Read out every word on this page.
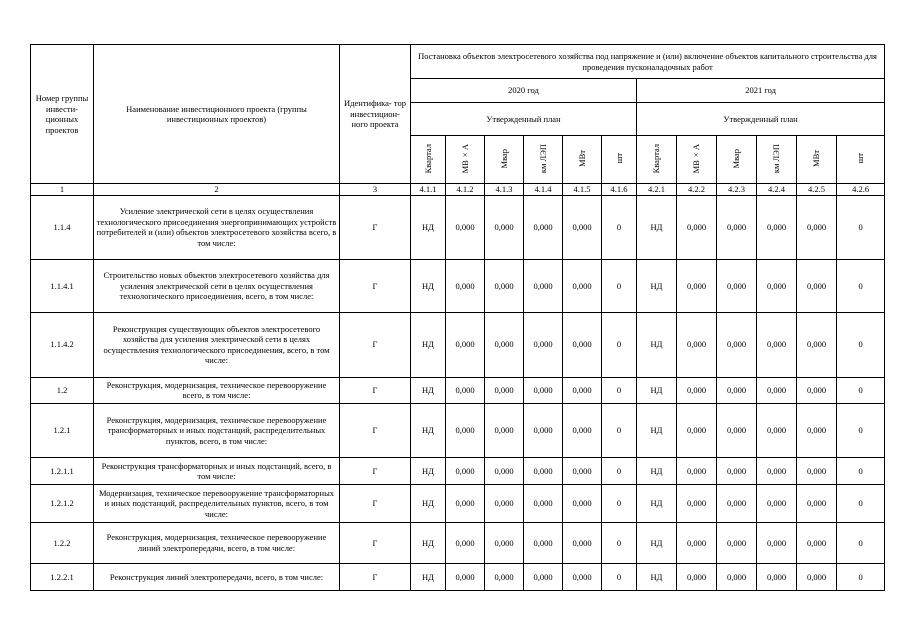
Номер группы инвести- ционных проектов	Наименование инвестиционного проекта (группы инвестиционных проектов)	Идентифика- тор инвестицион- ного проекта	Постановка объектов электросетевого хозяйства под напряжение и (или) включение объектов капитального строительства для проведения пусконаладочных работ											
			2020 год						2021 год					
			Утвержденный план						Утвержденный план					
			Квартал	МВ×А	Мвар	км ЛЭП	МВт	шт	Квартал	МВ×А	Мвар	км ЛЭП	МВт	шт
1	2	3	4.1.1	4.1.2	4.1.3	4.1.4	4.1.5	4.1.6	4.2.1	4.2.2	4.2.3	4.2.4	4.2.5	4.2.6
1.1.4	Усиление электрической сети в целях осуществления технологического присоединения энергопринимающих устройств потребителей и (или) объектов электросетевого хозяйства всего, в том числе:	Г	НД	0,000	0,000	0,000	0,000	0	НД	0,000	0,000	0,000	0,000	0
1.1.4.1	Строительство новых объектов электросетевого хозяйства для усиления электрической сети в целях осуществления технологического присоединения, всего, в том числе:	Г	НД	0,000	0,000	0,000	0,000	0	НД	0,000	0,000	0,000	0,000	0
1.1.4.2	Реконструкция существующих объектов электросетевого хозяйства для усиления электрической сети в целях осуществления технологического присоединения, всего, в том числе:	Г	НД	0,000	0,000	0,000	0,000	0	НД	0,000	0,000	0,000	0,000	0
1.2	Реконструкция, модернизация, техническое перевооружение всего, в том числе:	Г	НД	0,000	0,000	0,000	0,000	0	НД	0,000	0,000	0,000	0,000	0
1.2.1	Реконструкция, модернизация, техническое перевооружение трансформаторных и иных подстанций, распределительных пунктов, всего, в том числе:	Г	НД	0,000	0,000	0,000	0,000	0	НД	0,000	0,000	0,000	0,000	0
1.2.1.1	Реконструкция трансформаторных и иных подстанций, всего, в том числе:	Г	НД	0,000	0,000	0,000	0,000	0	НД	0,000	0,000	0,000	0,000	0
1.2.1.2	Модернизация, техническое перевооружение трансформаторных и иных подстанций, распределительных пунктов, всего, в том числе:	Г	НД	0,000	0,000	0,000	0,000	0	НД	0,000	0,000	0,000	0,000	0
1.2.2	Реконструкция, модернизация, техническое перевооружение линий электропередачи, всего, в том числе:	Г	НД	0,000	0,000	0,000	0,000	0	НД	0,000	0,000	0,000	0,000	0
1.2.2.1	Реконструкция линий электропередачи, всего, в том числе:	Г	НД	0,000	0,000	0,000	0,000	0	НД	0,000	0,000	0,000	0,000	0
